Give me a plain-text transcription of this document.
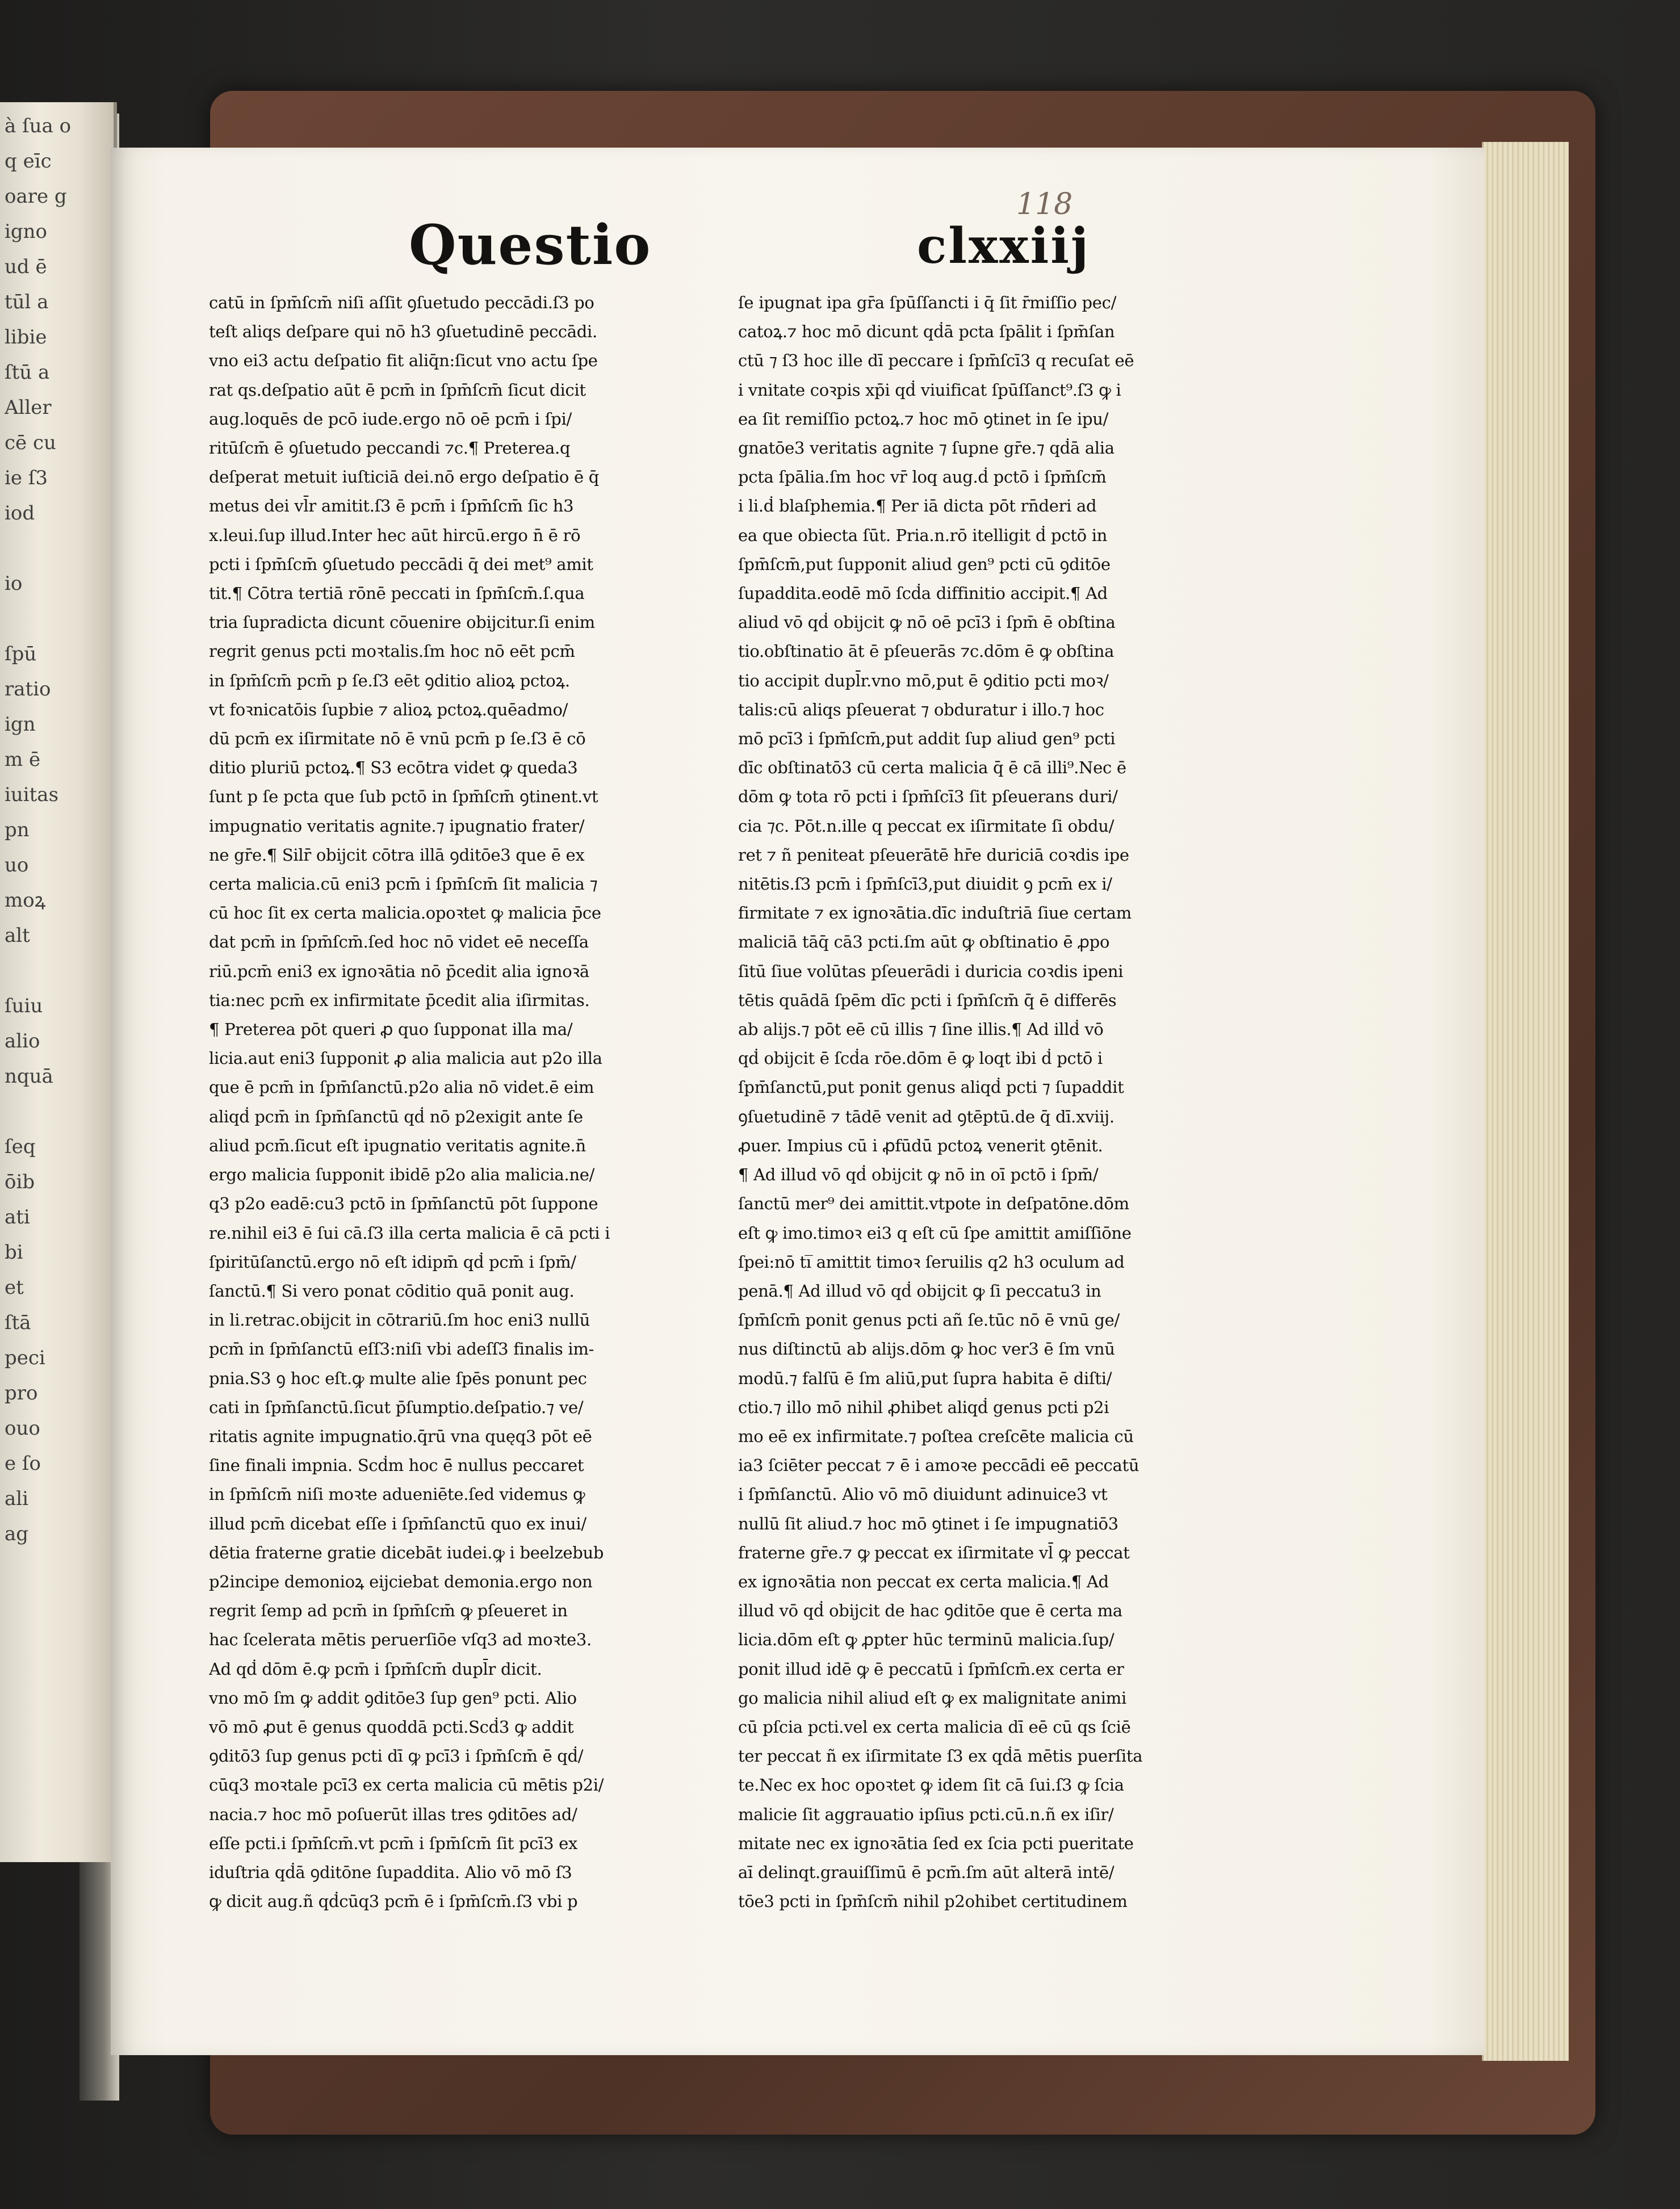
à ſua o
q eīc
oare g
igno
ud ē
tūl a
libie
ſtū a
Aller
cē cu
ie ſ3
iod
io
ſpū
ratio
ign
m ē
iuitas
pn
uo
moꝝ
alt
ſuiu
alio
nquā
ſeq
ōib
ati
bi
et
ſtā
peci
pro
ouo
e ſo
ali
ag
Questio	clxxiij
118

catū in ſpm̄ſcm̄ niſi aſſit ꝯſuetudo peccādi.ſ3 po

teſt aliqs deſpare qui nō h3 ꝯſuetudinē peccādi.

vno ei3 actu deſpatio fit aliq̄n:ſicut vno actu ſpe

rat qs.deſpatio aūt ē pcm̄ in ſpm̄ſcm̄ ſicut dicit

aug.loquēs de pcō iude.ergo nō oē pcm̄ i ſpi/

ritūſcm̄ ē ꝯſuetudo peccandi ⁊c.¶ Preterea.q

deſperat metuit iuſticiā dei.nō ergo deſpatio ē q̄

metus dei vl̄r amitit.ſ3 ē pcm̄ i ſpm̄ſcm̄ ſic h3

x.leui.ſup illud.Inter hec aūt hircū.ergo n̄ ē rō

pcti i ſpm̄ſcm̄ ꝯſuetudo peccādi q̄ dei met⁹ amit

tit.¶ Cōtra tertiā rōnē peccati in ſpm̄ſcm̄.ſ.qua

tria ſupradicta dicunt cōuenire obijcitur.ſi enim

regrit genus pcti moꝛtalis.ſm hoc nō eēt pcm̄

in ſpm̄ſcm̄ pcm̄ p ſe.ſ3 eēt ꝯditio alioꝝ pctoꝝ.

vt foꝛnicatōis ſupbie ⁊ alioꝝ pctoꝝ.quēadmo/

dū pcm̄ ex iſirmitate nō ē vnū pcm̄ p ſe.ſ3 ē cō

ditio pluriū pctoꝝ.¶ S3 ecōtra videt ꝙ queda3

ſunt p ſe pcta que ſub pctō in ſpm̄ſcm̄ ꝯtinent.vt

impugnatio veritatis agnite.⁊ ipugnatio frater/

ne gr̄e.¶ Silr̄ obijcit cōtra illā ꝯditōe3 que ē ex

certa malicia.cū eni3 pcm̄ i ſpm̄ſcm̄ ſit malicia ⁊

cū hoc ſit ex certa malicia.opoꝛtet ꝙ malicia p̄ce

dat pcm̄ in ſpm̄ſcm̄.ſed hoc nō videt eē neceſſa

riū.pcm̄ eni3 ex ignoꝛātia nō p̄cedit alia ignoꝛā

tia:nec pcm̄ ex infirmitate p̄cedit alia iſirmitas.

¶ Preterea pōt queri ꝓ quo ſupponat illa ma/

licia.aut eni3 ſupponit ꝓ alia malicia aut p2o illa

que ē pcm̄ in ſpm̄ſanctū.p2o alia nō videt.ē eim

aliqḋ pcm̄ in ſpm̄ſanctū qḋ nō p2exigit ante ſe

aliud pcm̄.ſicut eſt ipugnatio veritatis agnite.n̄

ergo malicia ſupponit ibidē p2o alia malicia.ne/

q3 p2o eadē:cu3 pctō in ſpm̄ſanctū pōt ſuppone

re.nihil ei3 ē ſui cā.ſ3 illa certa malicia ē cā pcti i

ſpiritūſanctū.ergo nō eſt idipm̄ qḋ pcm̄ i ſpm̄/

ſanctū.¶ Si vero ponat cōditio quā ponit aug.

in li.retrac.obijcit in cōtrariū.ſm hoc eni3 nullū

pcm̄ in ſpm̄ſanctū eſſ3:niſi vbi adeſſ3 finalis im-

pnia.S3 ꝯ hoc eſt.ꝙ multe alie ſpēs ponunt pec

cati in ſpm̄ſanctū.ſicut p̄ſumptio.deſpatio.⁊ ve/

ritatis agnite impugnatio.q̄rū vna quęq3 pōt eē

ſine finali impnia. Scḋm hoc ē̄ nullus peccaret

in ſpm̄ſcm̄ niſi moꝛte adueniēte.ſed videmus ꝙ

illud pcm̄ dicebat eſſe i ſpm̄ſanctū quo ex inui/

dētia fraterne gratie dicebāt iudei.ꝙ i beelzebub

p2incipe demonioꝝ eijciebat demonia.ergo non

regrit ſemp ad pcm̄ in ſpm̄ſcm̄ ꝙ pſeueret in

hac ſcelerata mētis peruerſiōe vſq3 ad moꝛte3.

Ad qḋ dōm ē.ꝙ pcm̄ i ſpm̄ſcm̄ dupl̄r dicit.

vno mō ſm ꝙ addit ꝯditōe3 ſup gen⁹ pcti. Alio

vō mō ꝓut ē genus quoddā pcti.Scḋ3 ꝙ addit

ꝯditō3 ſup genus pcti dī ꝙ pcī3 i ſpm̄ſcm̄ ē qḋ/

cūq3 moꝛtale pcī3 ex certa malicia cū mētis p2i/

nacia.⁊ hoc mō poſuerūt illas tres ꝯditōes ad/

eſſe pcti.i ſpm̄ſcm̄.vt pcm̄ i ſpm̄ſcm̄ ſit pcī3 ex

iduſtria qḋā ꝯditōne ſupaddita. Alio vō mō ſ3

ꝙ dicit aug.ñ qḋcūq3 pcm̄ ē i ſpm̄ſcm̄.ſ3 vbi p

ſe ipugnat ipa gr̄a ſpūſſancti i q̄ ſit r̄miſſio pec/

catoꝝ.⁊ hoc mō dicunt qḋā pcta ſpālit i ſpm̄ſan

ctū ⁊ ſ3 hoc ille dī peccare i ſpm̄ſcī3 q recuſat eē

i vnitate coꝛpis xp̄i qḋ viuificat ſpūſſanct⁹.ſ3 ꝙ i

ea ſit remiſſio pctoꝝ.⁊ hoc mō ꝯtinet in ſe ipu/

gnatōe3 veritatis agnite ⁊ ſupne gr̄e.⁊ qḋā alia

pcta ſpālia.ſm hoc vr̄ loq aug.ḋ pctō i ſpm̄ſcm̄

i li.ḋ blaſphemia.¶ Per iā dicta pōt rn̄deri ad

ea que obiecta ſūt. Pria.n.rō itelligit ḋ pctō in

ſpm̄ſcm̄,put ſupponit aliud gen⁹ pcti cū ꝯditōe

ſupaddita.eodē mō ſcḋa diffinitio accipit.¶ Ad

aliud vō qḋ obijcit ꝙ nō oē pcī3 i ſpm̄ ē obſtina

tio.obſtinatio āt ē pſeuerās ⁊c.dōm ē ꝙ obſtina

tio accipit dupl̄r.vno mō,put ē ꝯditio pcti moꝛ/

talis:cū aliqs pſeuerat ⁊ obduratur i illo.⁊ hoc

mō pcī3 i ſpm̄ſcm̄,put addit ſup aliud gen⁹ pcti

dīc obſtinatō3 cū certa malicia q̄ ē cā illi⁹.Nec ē

dōm ꝙ tota rō pcti i ſpm̄ſcī3 ſit pſeuerans duri/

cia ⁊c. Pōt.n.ille q peccat ex iſirmitate ſi obdu/

ret ⁊ ñ peniteat pſeuerātē hr̄e duriciā coꝛdis ipe

nitētis.ſ3 pcm̄ i ſpm̄ſcī3,put diuidit ꝯ pcm̄ ex i/

firmitate ⁊ ex ignoꝛātia.dīc induſtriā ſiue certam

maliciā tāq̄ cā3 pcti.ſm aūt ꝙ obſtinatio ē ꝓpo

ſitū ſiue volūtas pſeuerādi i duricia coꝛdis ipeni

tētis quādā ſpēm dīc pcti i ſpm̄ſcm̄ q̄ ē differēs

ab alijs.⁊ pōt eē cū illis ⁊ ſine illis.¶ Ad illḋ vō

qḋ obijcit ē ſcḋa rōe.dōm ē ꝙ loqt ibi ḋ pctō i

ſpm̄ſanctū,put ponit genus aliqḋ pcti ⁊ ſupaddit

ꝯſuetudinē ⁊ tādē venit ad ꝯtēptū.de q̄ dī.xviij.

ꝓuer. Impius cū i ꝓfūdū pctoꝝ venerit ꝯtēnit.

¶ Ad illud vō qḋ obijcit ꝙ nō in oī pctō i ſpm̄/

ſanctū mer⁹ dei amittit.vtpote in deſpatōne.dōm

eſt ꝙ imo.timoꝛ ei3 q eſt cū ſpe amittit amiſſiōne

ſpei:nō ti̅ amittit timoꝛ ſeruilis q2 h3 oculum ad

penā.¶ Ad illud vō qḋ obijcit ꝙ ſi peccatu3 in

ſpm̄ſcm̄ ponit genus pcti añ ſe.tūc nō ē vnū ge/

nus diſtinctū ab alijs.dōm ꝙ hoc ver3 ē ſm vnū

modū.⁊ falſū ē ſm aliū,put ſupra habita ē diſti/

ctio.⁊ illo mō nihil ꝓhibet aliqḋ genus pcti p2i

mo eē ex infirmitate.⁊ poſtea creſcēte malicia cū

ia3 ſciēter peccat ⁊ ē i amoꝛe peccādi eē peccatū

i ſpm̄ſanctū. Alio vō mō diuidunt adinuice3 vt

nullū ſit aliud.⁊ hoc mō ꝯtinet i ſe impugnatiō3

fraterne gr̄e.⁊ ꝙ peccat ex iſirmitate vl̄ ꝙ peccat

ex ignoꝛātia non peccat ex certa malicia.¶ Ad

illud vō qḋ obijcit de hac ꝯditōe que ē certa ma

licia.dōm eſt ꝙ ꝓpter hūc terminū malicia.ſup/

ponit illud idē ꝙ ē peccatū i ſpm̄ſcm̄.ex certa er

go malicia nihil aliud eſt ꝙ ex malignitate animi

cū pſcia pcti.vel ex certa malicia dī eē cū qs ſciē

ter peccat ñ ex iſirmitate ſ3 ex qḋā mētis puerſita

te.Nec ex hoc opoꝛtet ꝙ idem ſit cā ſui.ſ3 ꝙ ſcia

malicie ſit aggrauatio ipſius pcti.cū.n.ñ ex iſir/

mitate nec ex ignoꝛātia ſed ex ſcia pcti pueritate

aī delinqt.grauiſſimū ē pcm̄.ſm aūt alterā intē/

tōe3 pcti in ſpm̄ſcm̄ nihil p2ohibet certitudinem
